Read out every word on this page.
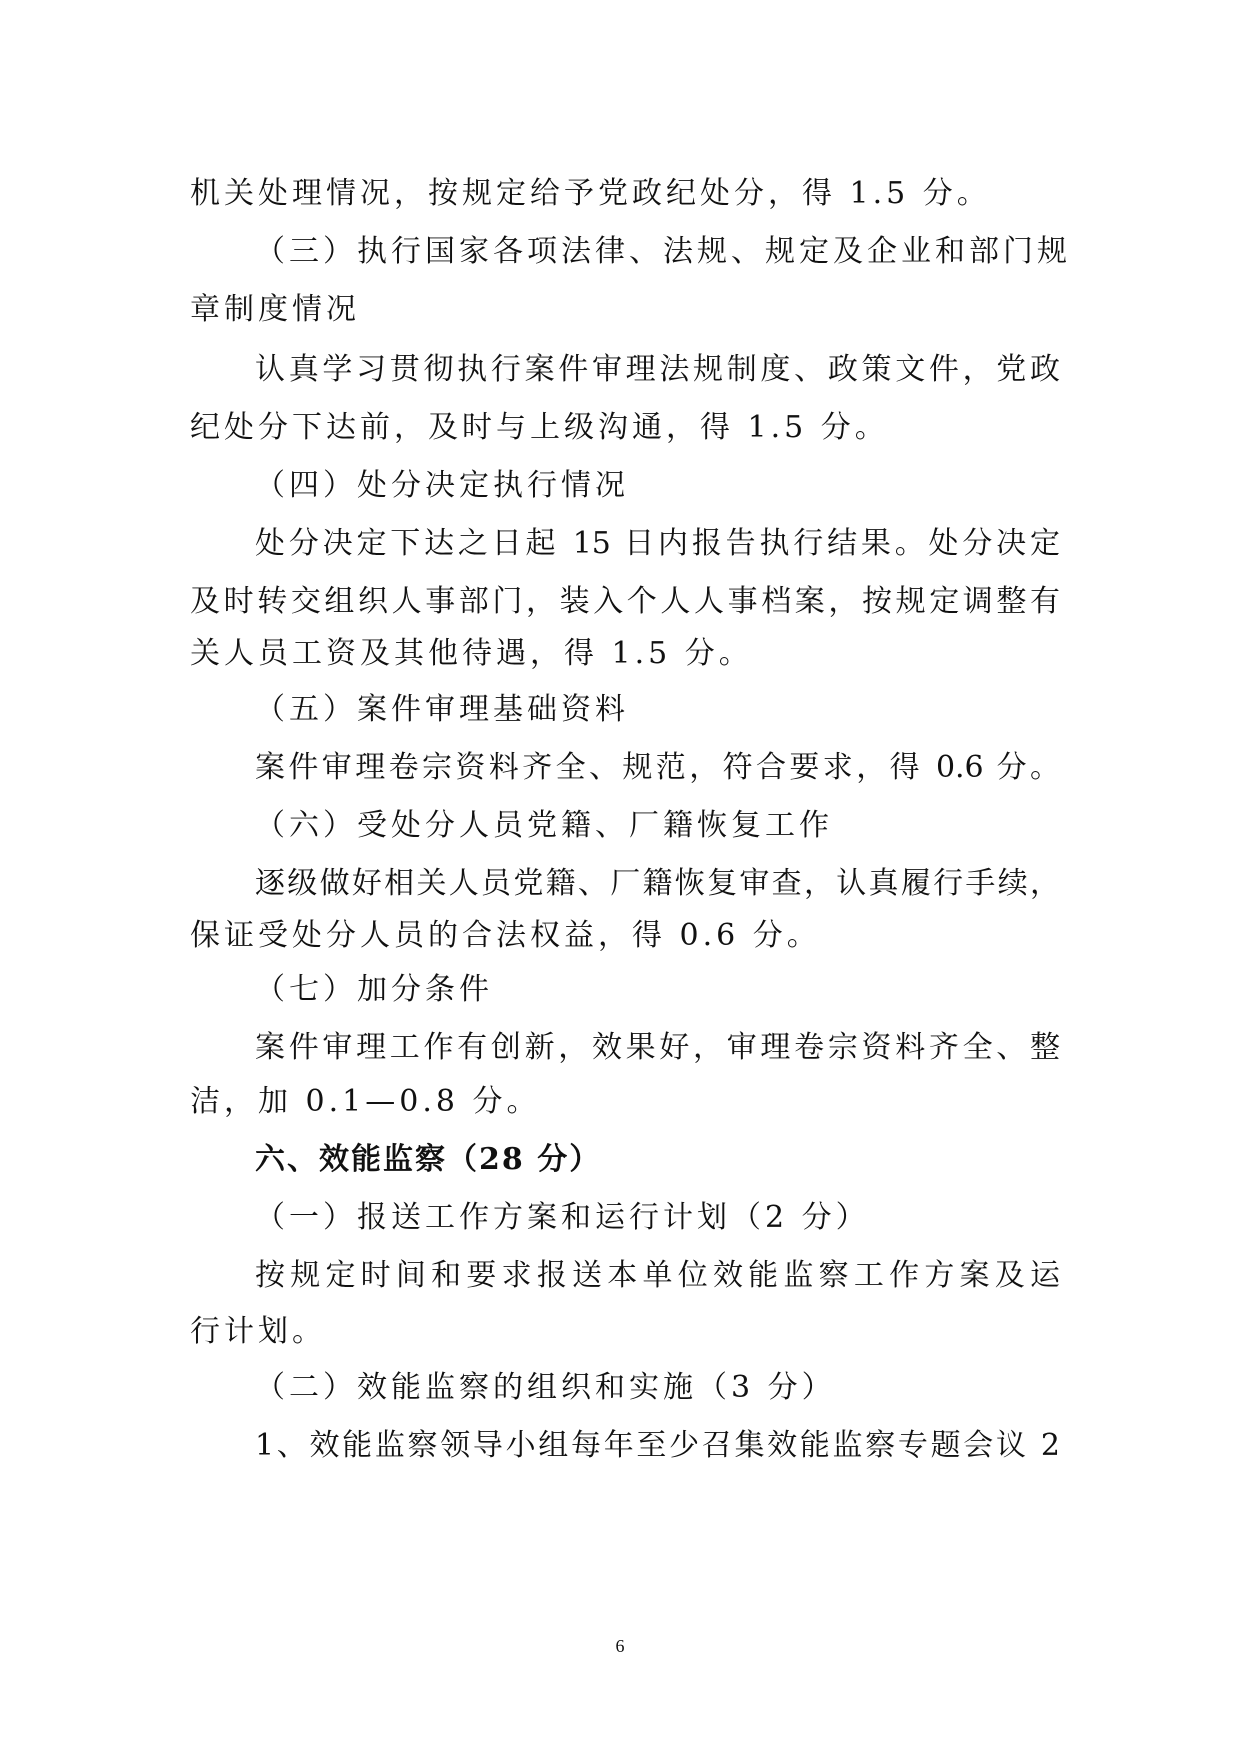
机关处理情况，按规定给予党政纪处分，得 1.5 分。

（三）执行国家各项法律、法规、规定及企业和部门规

章制度情况

认真学习贯彻执行案件审理法规制度、政策文件，党政

纪处分下达前，及时与上级沟通，得 1.5 分。

（四）处分决定执行情况

处分决定下达之日起 15 日内报告执行结果。处分决定

及时转交组织人事部门，装入个人人事档案，按规定调整有

关人员工资及其他待遇，得 1.5 分。

（五）案件审理基础资料

案件审理卷宗资料齐全、规范，符合要求，得 0.6 分。

（六）受处分人员党籍、厂籍恢复工作

逐级做好相关人员党籍、厂籍恢复审查，认真履行手续，

保证受处分人员的合法权益，得 0.6 分。

（七）加分条件

案件审理工作有创新，效果好，审理卷宗资料齐全、整

洁，加 0.1—0.8 分。

六、效能监察（28 分）

（一）报送工作方案和运行计划（2 分）

按规定时间和要求报送本单位效能监察工作方案及运

行计划。

（二）效能监察的组织和实施（3 分）

1、效能监察领导小组每年至少召集效能监察专题会议 2

6
